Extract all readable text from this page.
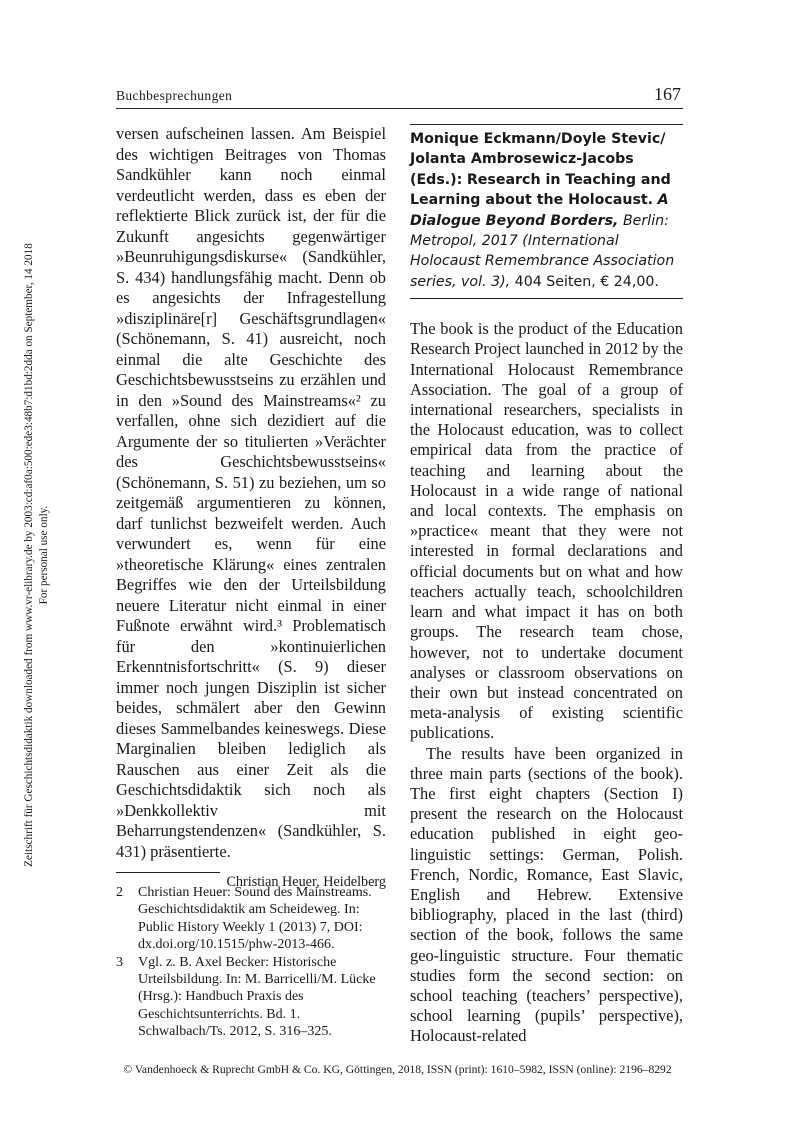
Buchbesprechungen	167
Zeitschrift für Geschichtsdidaktik downloaded from www.vr-elibrary.de by 2003:cd:af0a:500:ede3:48b7:d1bd:2dda on September, 14 2018 For personal use only.

versen aufscheinen lassen. Am Beispiel des wichtigen Beitrages von Thomas Sandkühler kann noch einmal verdeutlicht werden, dass es eben der reflektierte Blick zurück ist, der für die Zukunft angesichts gegenwärtiger »Beunruhigungsdiskurse« (Sandkühler, S. 434) handlungsfähig macht. Denn ob es angesichts der Infragestellung »disziplinäre[r] Geschäftsgrundlagen« (Schönemann, S. 41) ausreicht, noch einmal die alte Geschichte des Geschichtsbewusstseins zu erzählen und in den »Sound des Mainstreams«² zu verfallen, ohne sich dezidiert auf die Argumente der so titulierten »Verächter des Geschichtsbewusstseins« (Schönemann, S. 51) zu beziehen, um so zeitgemäß argumentieren zu können, darf tunlichst bezweifelt werden. Auch verwundert es, wenn für eine »theoretische Klärung« eines zentralen Begriffes wie den der Urteilsbildung neuere Literatur nicht einmal in einer Fußnote erwähnt wird.³ Problematisch für den »kontinuierlichen Erkenntnisfortschritt« (S. 9) dieser immer noch jungen Disziplin ist sicher beides, schmälert aber den Gewinn dieses Sammelbandes keineswegs. Diese Marginalien bleiben lediglich als Rauschen aus einer Zeit als die Geschichtsdidaktik sich noch als »Denkkollektiv mit Beharrungstendenzen« (Sandkühler, S. 431) präsentierte.

Christian Heuer, Heidelberg
2	Christian Heuer: Sound des Mainstreams. Geschichtsdidaktik am Scheideweg. In: Public History Weekly 1 (2013) 7, DOI: dx.doi.org/10.1515/phw-2013-466.
3	Vgl. z. B. Axel Becker: Historische Urteilsbildung. In: M. Barricelli/M. Lücke (Hrsg.): Handbuch Praxis des Geschichtsunterrichts. Bd. 1. Schwalbach/Ts. 2012, S. 316–325.
Monique Eckmann/Doyle Stevic/ Jolanta Ambrosewicz-Jacobs (Eds.): Research in Teaching and Learning about the Holocaust. A Dialogue Beyond Borders, Berlin: Metropol, 2017 (International Holocaust Remembrance Association series, vol. 3), 404 Seiten, € 24,00.

The book is the product of the Education Research Project launched in 2012 by the International Holocaust Remembrance Association. The goal of a group of international researchers, specialists in the Holocaust education, was to collect empirical data from the practice of teaching and learning about the Holocaust in a wide range of national and local contexts. The emphasis on »practice« meant that they were not interested in formal declarations and official documents but on what and how teachers actually teach, schoolchildren learn and what impact it has on both groups. The research team chose, however, not to undertake document analyses or classroom observations on their own but instead concentrated on meta-analysis of existing scientific publications.

The results have been organized in three main parts (sections of the book). The first eight chapters (Section I) present the research on the Holocaust education published in eight geo-linguistic settings: German, Polish. French, Nordic, Romance, East Slavic, English and Hebrew. Extensive bibliography, placed in the last (third) section of the book, follows the same geo-linguistic structure. Four thematic studies form the second section: on school teaching (teachers’ perspective), school learning (pupils’ perspective), Holocaust-related

© Vandenhoeck & Ruprecht GmbH & Co. KG, Göttingen, 2018, ISSN (print): 1610–5982, ISSN (online): 2196–8292
